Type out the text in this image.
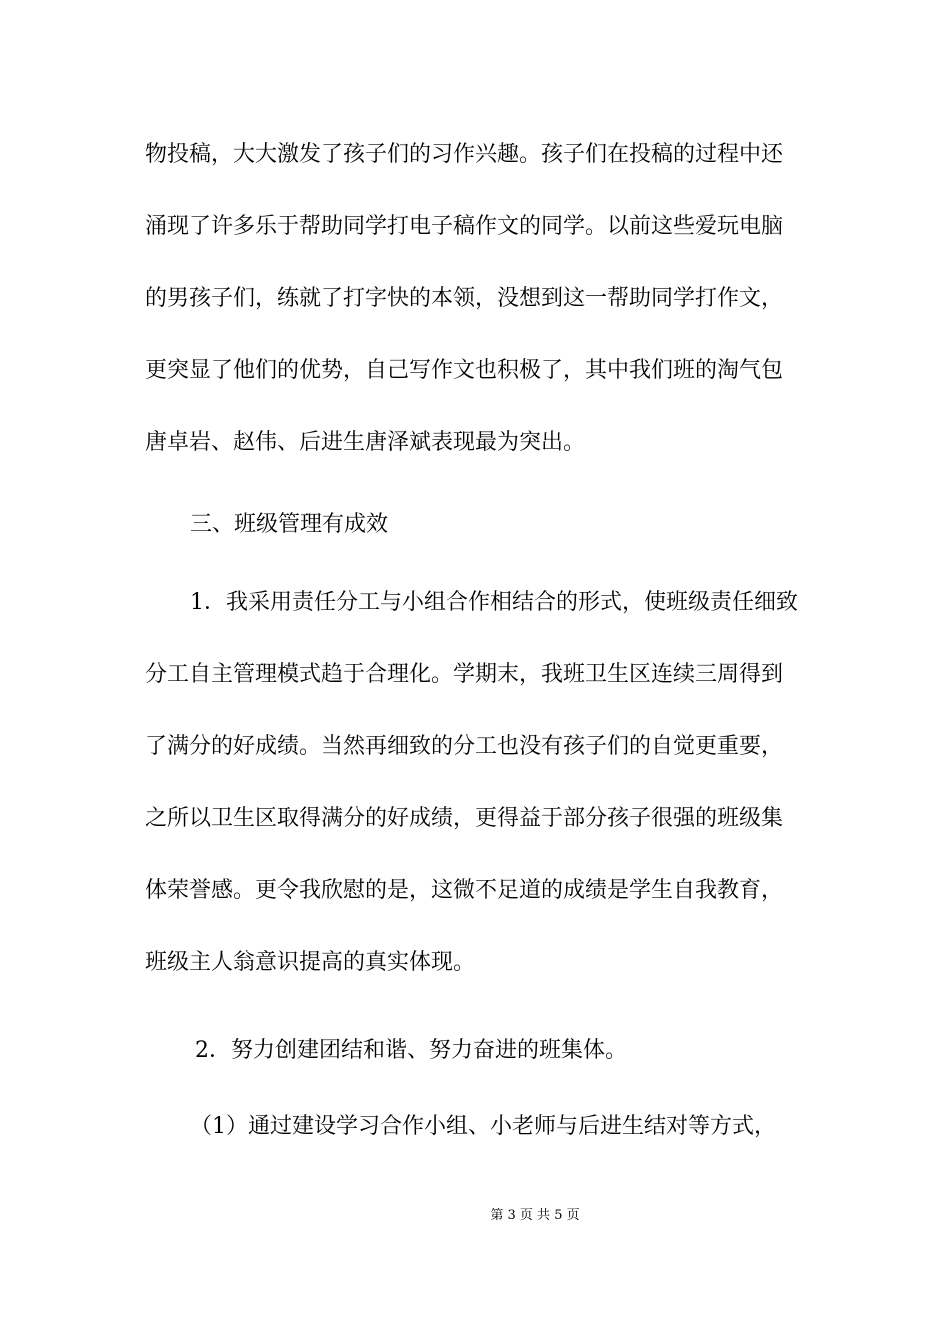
物投稿，大大激发了孩子们的习作兴趣。孩子们在投稿的过程中还
涌现了许多乐于帮助同学打电子稿作文的同学。以前这些爱玩电脑
的男孩子们，练就了打字快的本领，没想到这一帮助同学打作文，
更突显了他们的优势，自己写作文也积极了，其中我们班的淘气包
唐卓岩、赵伟、后进生唐泽斌表现最为突出。
三、班级管理有成效
1．我采用责任分工与小组合作相结合的形式，使班级责任细致
分工自主管理模式趋于合理化。学期末，我班卫生区连续三周得到
了满分的好成绩。当然再细致的分工也没有孩子们的自觉更重要，
之所以卫生区取得满分的好成绩，更得益于部分孩子很强的班级集
体荣誉感。更令我欣慰的是，这微不足道的成绩是学生自我教育，
班级主人翁意识提高的真实体现。
2．努力创建团结和谐、努力奋进的班集体。
（1）通过建设学习合作小组、小老师与后进生结对等方式，
第 3 页 共 5 页
